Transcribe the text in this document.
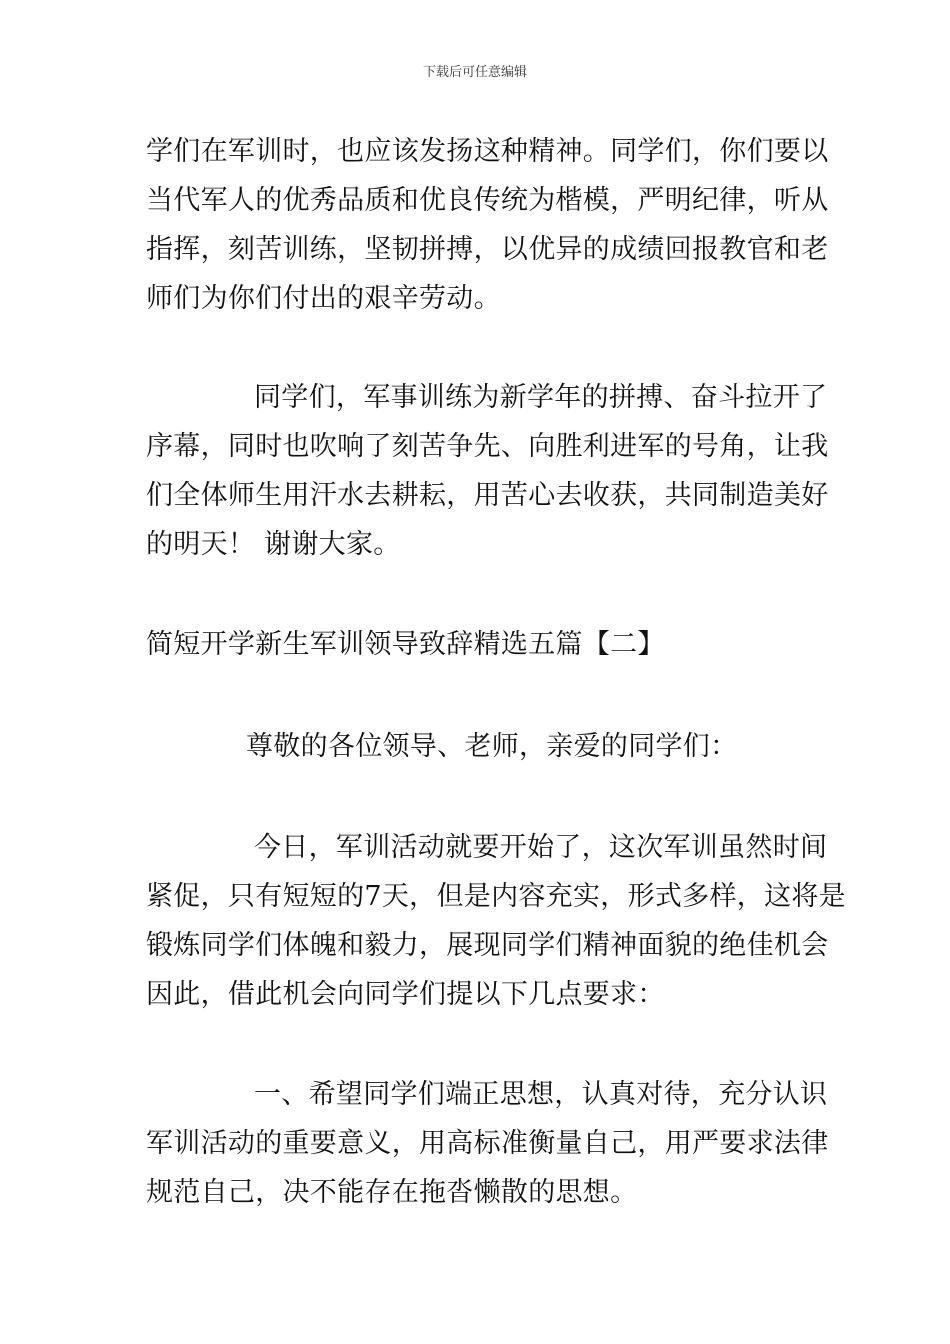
下载后可任意编辑
学们在军训时，也应该发扬这种精神。同学们，你们要以
当代军人的优秀品质和优良传统为楷模，严明纪律，听从
指挥，刻苦训练，坚韧拼搏，以优异的成绩回报教官和老
师们为你们付出的艰辛劳动。
同学们，军事训练为新学年的拼搏、奋斗拉开了
序幕，同时也吹响了刻苦争先、向胜利进军的号角，让我
们全体师生用汗水去耕耘，用苦心去收获，共同制造美好
的明天！ 谢谢大家。
简短开学新生军训领导致辞精选五篇【二】
尊敬的各位领导、老师，亲爱的同学们：
今日，军训活动就要开始了，这次军训虽然时间
紧促，只有短短的7天，但是内容充实，形式多样，这将是
锻炼同学们体魄和毅力，展现同学们精神面貌的绝佳机会
因此，借此机会向同学们提以下几点要求：
一、希望同学们端正思想，认真对待，充分认识
军训活动的重要意义，用高标准衡量自己，用严要求法律
规范自己，决不能存在拖沓懒散的思想。
